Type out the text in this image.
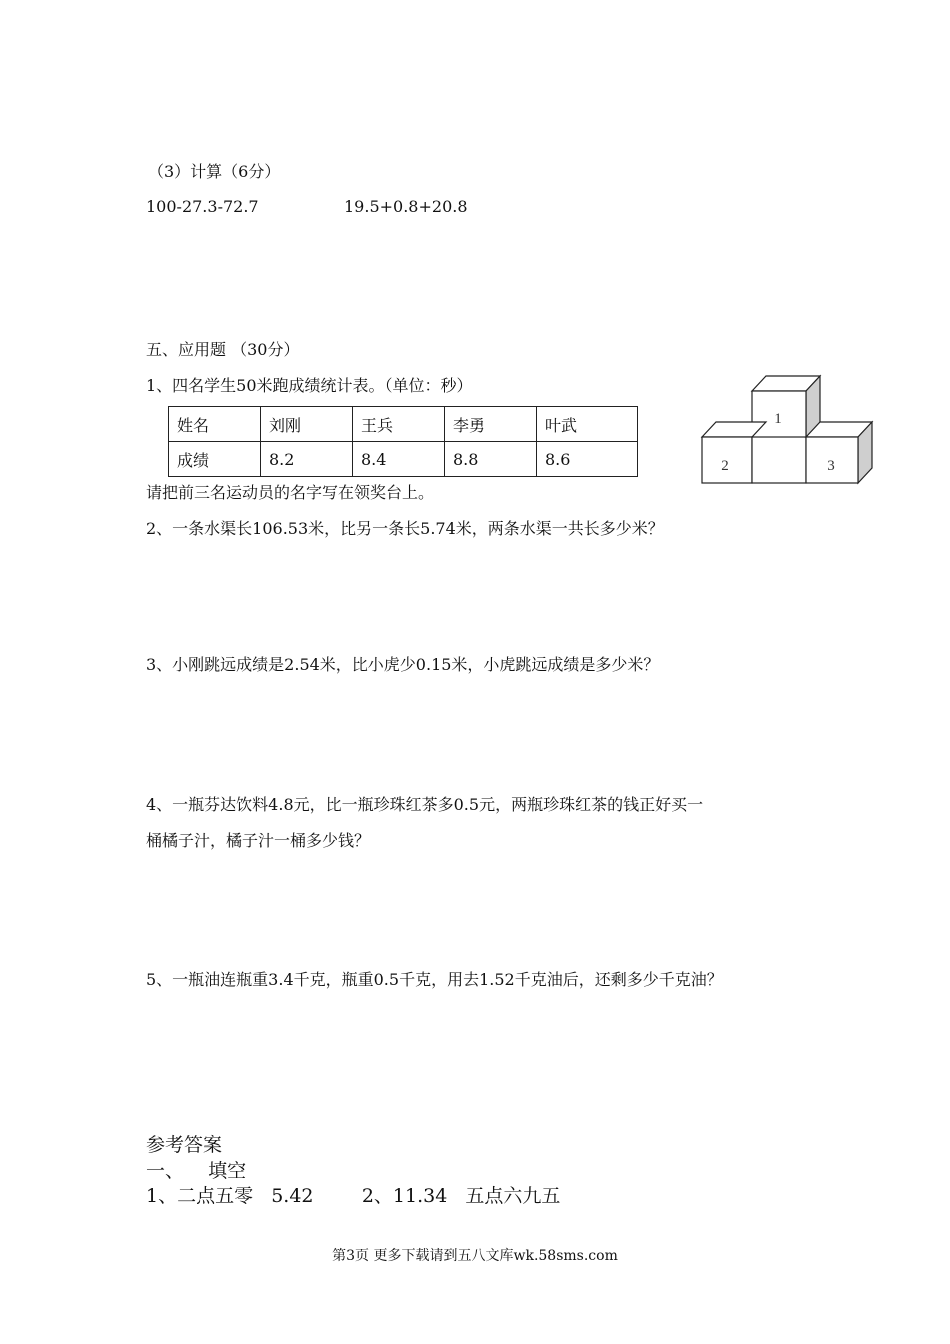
（3）计算（6分）
100-27.3-72.7	19.5+0.8+20.8
五、应用题 （30分）
1、四名学生50米跑成绩统计表。（单位：秒）
姓名	刘刚	王兵	李勇	叶武
成绩	8.2	8.4	8.8	8.6
1
2	3
请把前三名运动员的名字写在领奖台上。
2、一条水渠长106.53米，比另一条长5.74米，两条水渠一共长多少米？
3、小刚跳远成绩是2.54米，比小虎少0.15米，小虎跳远成绩是多少米？
4、一瓶芬达饮料4.8元，比一瓶珍珠红茶多0.5元，两瓶珍珠红茶的钱正好买一
桶橘子汁，橘子汁一桶多少钱？
5、一瓶油连瓶重3.4千克，瓶重0.5千克，用去1.52千克油后，还剩多少千克油？
参考答案
一、    填空
1、二点五零   5.42        2、11.34   五点六九五
第3页 更多下载请到五八文库wk.58sms.com
